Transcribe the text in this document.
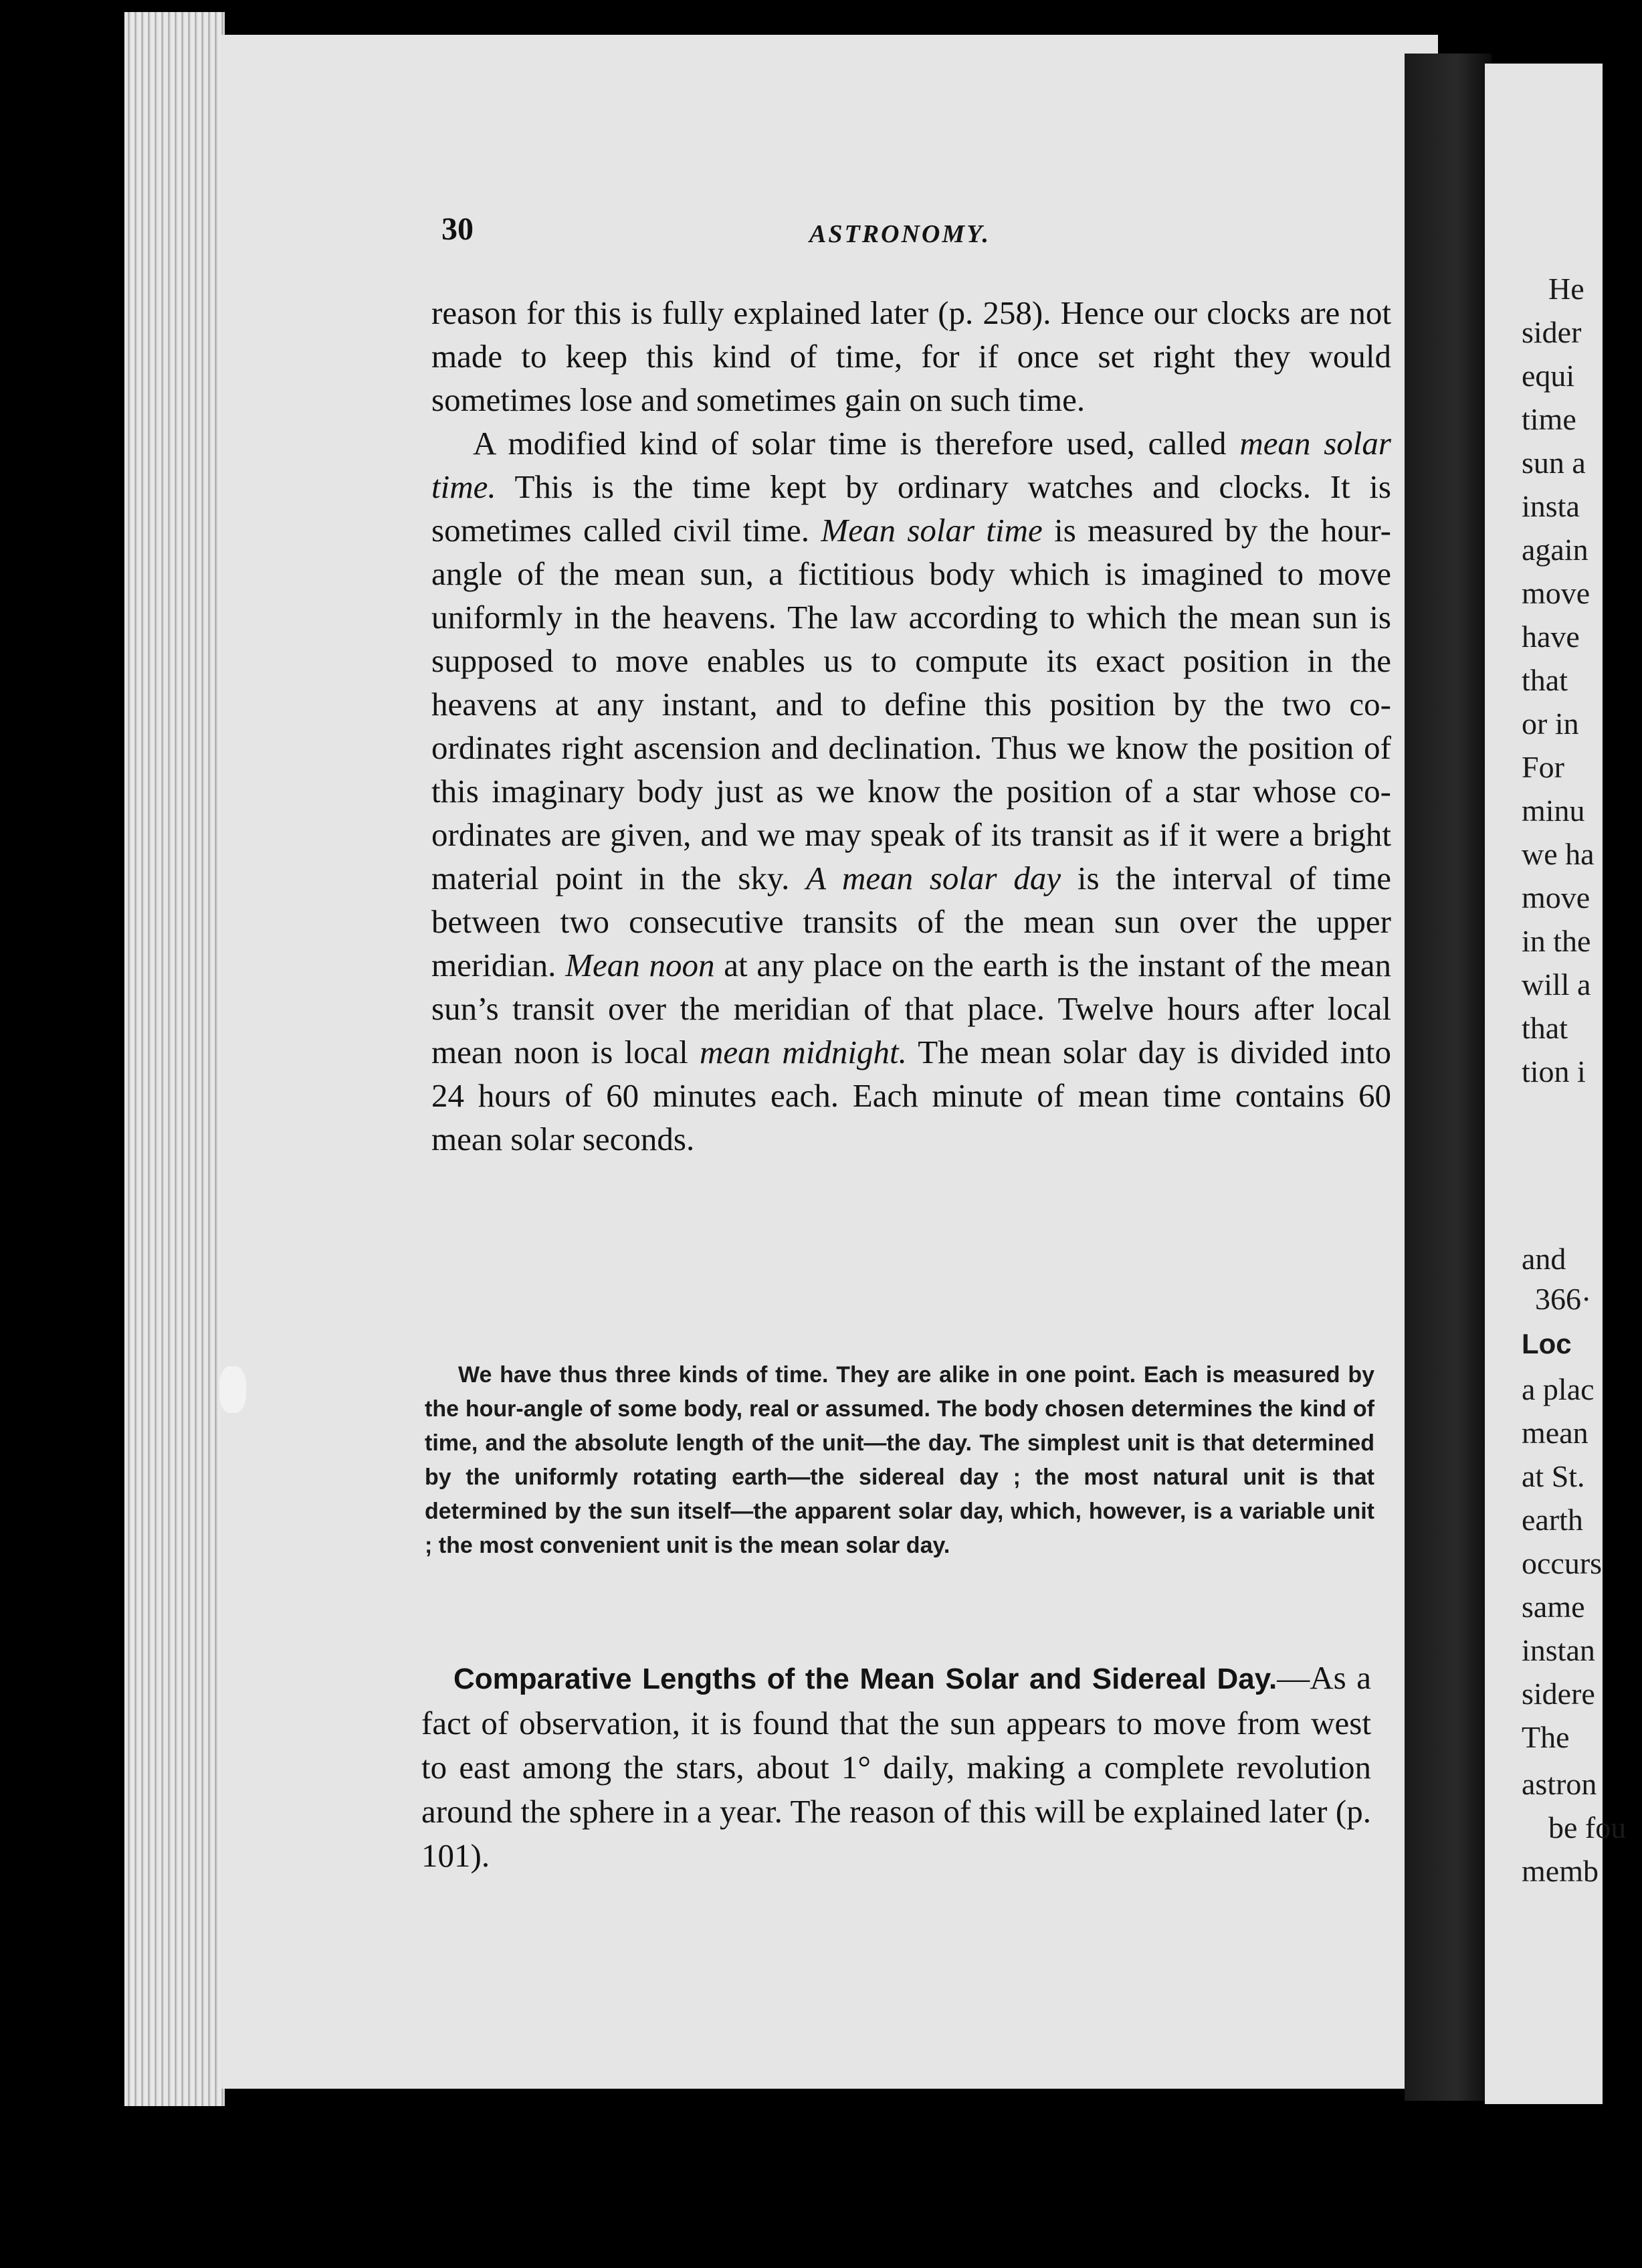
He
sider
equi
time
sun a
insta
again
move
have
that
or in
For
minu
we ha
move
in the
will a
that
tion i
and
366·
Loc
a plac
mean
at St.
earth
occurs
same
instan
sidere
The
astron
be fou
memb
30	ASTRONOMY.

reason for this is fully explained later (p. 258). Hence our clocks are not made to keep this kind of time, for if once set right they would sometimes lose and sometimes gain on such time.

A modified kind of solar time is therefore used, called mean solar time. This is the time kept by ordinary watches and clocks. It is sometimes called civil time. Mean solar time is measured by the hour-angle of the mean sun, a fictitious body which is imagined to move uniformly in the heavens. The law according to which the mean sun is supposed to move enables us to compute its exact position in the heavens at any instant, and to define this position by the two co-ordinates right ascension and declination. Thus we know the position of this imaginary body just as we know the position of a star whose co-ordinates are given, and we may speak of its transit as if it were a bright material point in the sky. A mean solar day is the interval of time between two consecutive transits of the mean sun over the upper meridian. Mean noon at any place on the earth is the instant of the mean sun’s transit over the meridian of that place. Twelve hours after local mean noon is local mean midnight. The mean solar day is divided into 24 hours of 60 minutes each. Each minute of mean time contains 60 mean solar seconds.

We have thus three kinds of time. They are alike in one point. Each is measured by the hour-angle of some body, real or assumed. The body chosen determines the kind of time, and the absolute length of the unit—the day. The simplest unit is that determined by the uniformly rotating earth—the sidereal day ; the most natural unit is that determined by the sun itself—the apparent solar day, which, however, is a variable unit ; the most convenient unit is the mean solar day.
Comparative Lengths of the Mean Solar and Sidereal Day.—As a fact of observation, it is found that the sun appears to move from west to east among the stars, about 1° daily, making a complete revolution around the sphere in a year. The reason of this will be explained later (p. 101).
